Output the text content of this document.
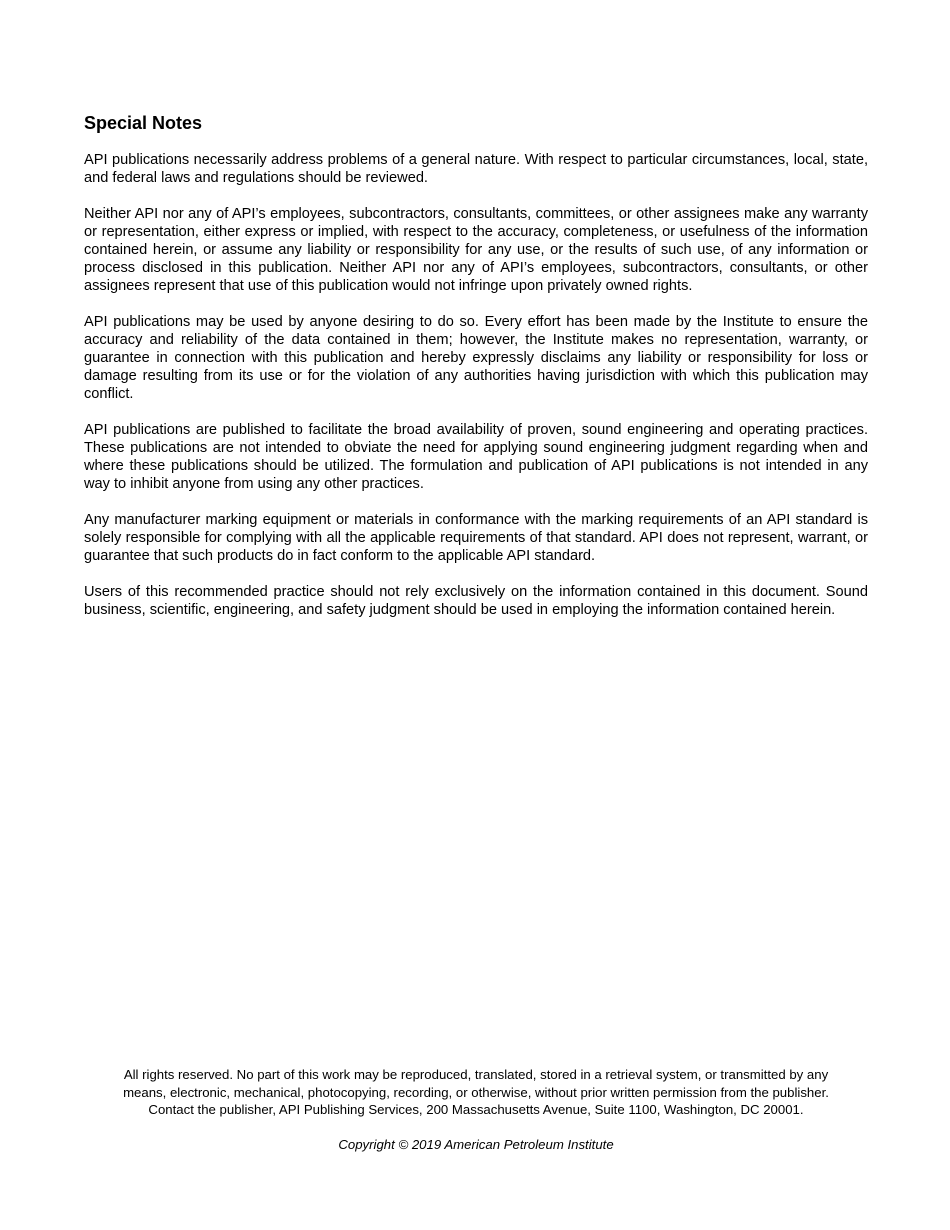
Special Notes

API publications necessarily address problems of a general nature. With respect to particular circumstances, local, state, and federal laws and regulations should be reviewed.

Neither API nor any of API’s employees, subcontractors, consultants, committees, or other assignees make any warranty or representation, either express or implied, with respect to the accuracy, completeness, or usefulness of the information contained herein, or assume any liability or responsibility for any use, or the results of such use, of any information or process disclosed in this publication. Neither API nor any of API’s employees, subcontractors, consultants, or other assignees represent that use of this publication would not infringe upon privately owned rights.

API publications may be used by anyone desiring to do so. Every effort has been made by the Institute to ensure the accuracy and reliability of the data contained in them; however, the Institute makes no representation, warranty, or guarantee in connection with this publication and hereby expressly disclaims any liability or responsibility for loss or damage resulting from its use or for the violation of any authorities having jurisdiction with which this publication may conflict.

API publications are published to facilitate the broad availability of proven, sound engineering and operating practices. These publications are not intended to obviate the need for applying sound engineering judgment regarding when and where these publications should be utilized. The formulation and publication of API publications is not intended in any way to inhibit anyone from using any other practices.

Any manufacturer marking equipment or materials in conformance with the marking requirements of an API standard is solely responsible for complying with all the applicable requirements of that standard. API does not represent, warrant, or guarantee that such products do in fact conform to the applicable API standard.

Users of this recommended practice should not rely exclusively on the information contained in this document. Sound business, scientific, engineering, and safety judgment should be used in employing the information contained herein.

All rights reserved. No part of this work may be reproduced, translated, stored in a retrieval system, or transmitted by any
means, electronic, mechanical, photocopying, recording, or otherwise, without prior written permission from the publisher.
Contact the publisher, API Publishing Services, 200 Massachusetts Avenue, Suite 1100, Washington, DC 20001.

Copyright © 2019 American Petroleum Institute
